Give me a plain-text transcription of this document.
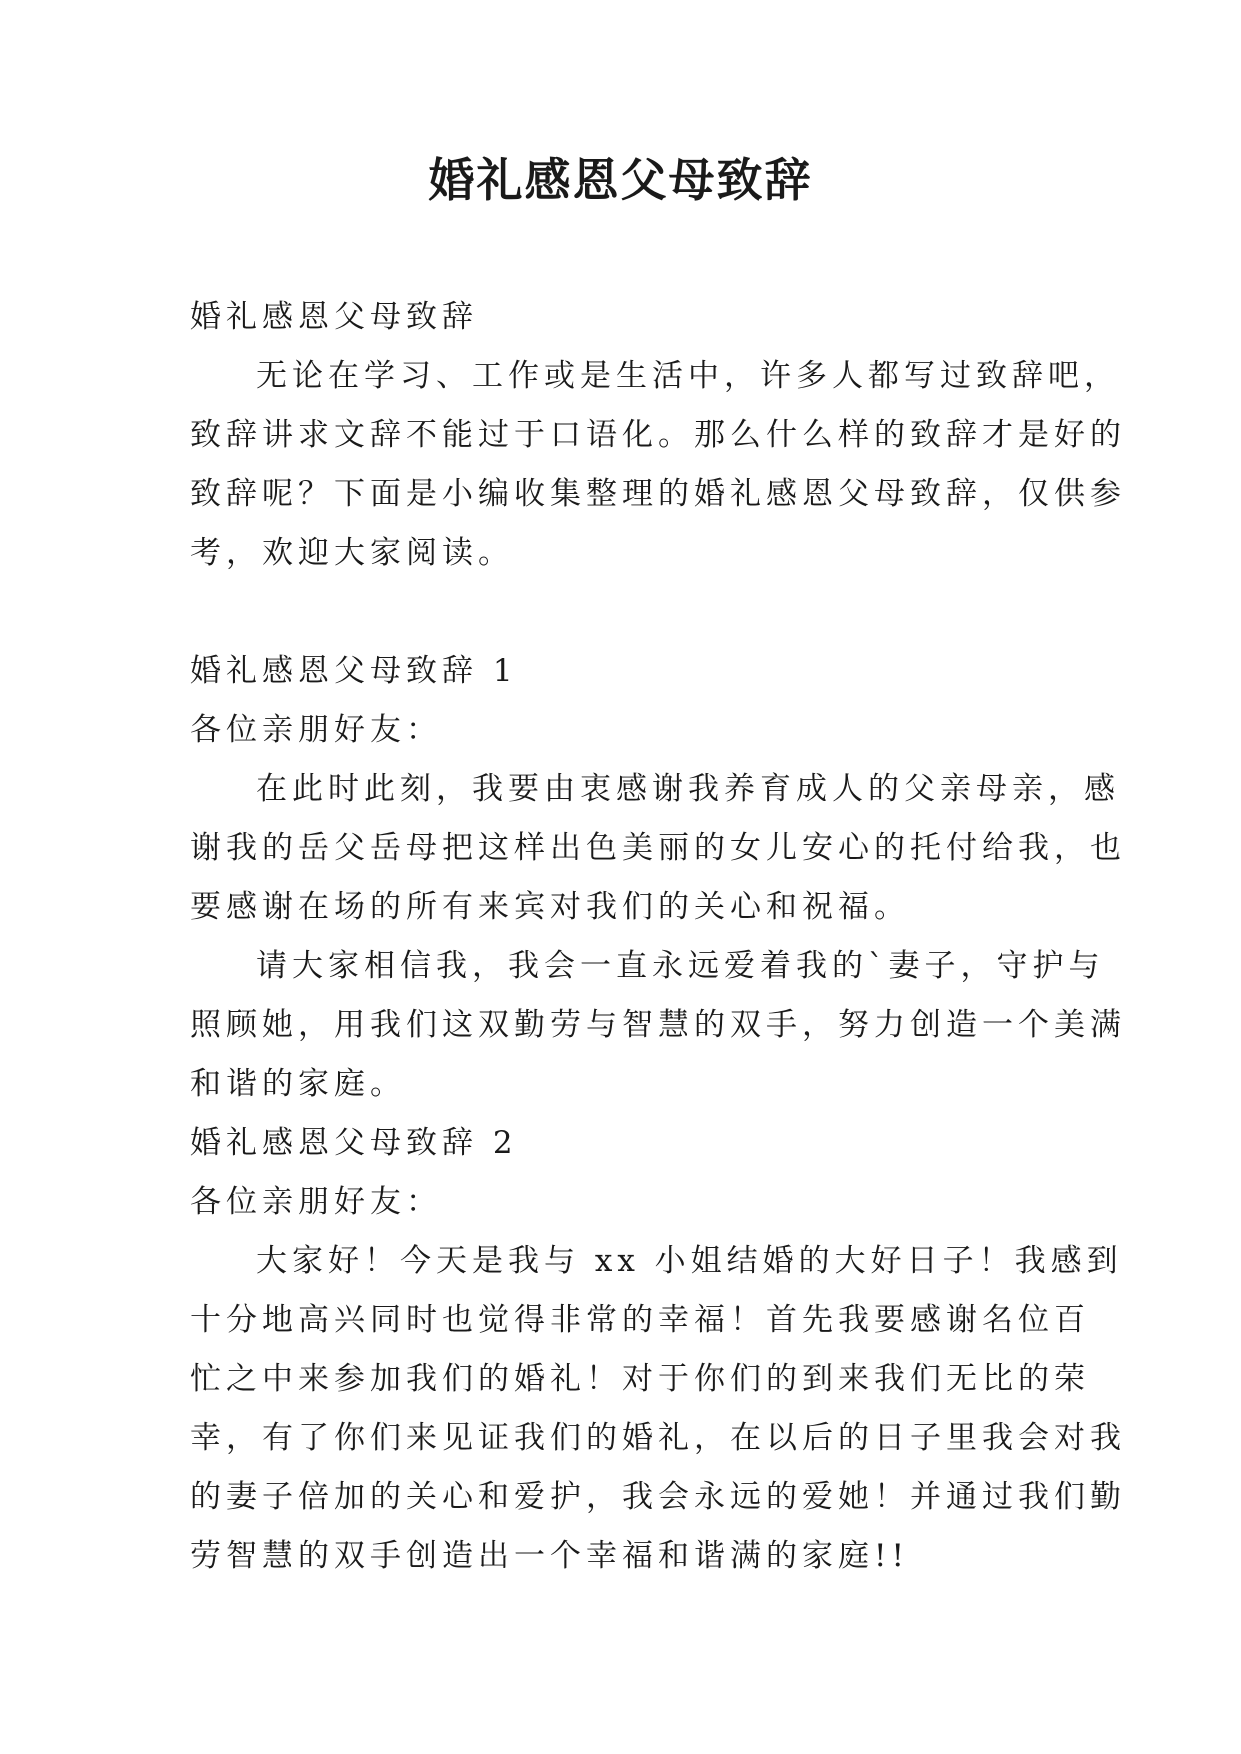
婚礼感恩父母致辞
婚礼感恩父母致辞
无论在学习、工作或是生活中，许多人都写过致辞吧，
致辞讲求文辞不能过于口语化。那么什么样的致辞才是好的
致辞呢？下面是小编收集整理的婚礼感恩父母致辞，仅供参
考，欢迎大家阅读。
婚礼感恩父母致辞 1
各位亲朋好友：
在此时此刻，我要由衷感谢我养育成人的父亲母亲，感
谢我的岳父岳母把这样出色美丽的女儿安心的托付给我，也
要感谢在场的所有来宾对我们的关心和祝福。
请大家相信我，我会一直永远爱着我的`妻子，守护与
照顾她，用我们这双勤劳与智慧的双手，努力创造一个美满
和谐的家庭。
婚礼感恩父母致辞 2
各位亲朋好友：
大家好！今天是我与 xx 小姐结婚的大好日子！我感到
十分地高兴同时也觉得非常的幸福！首先我要感谢名位百
忙之中来参加我们的婚礼！对于你们的到来我们无比的荣
幸，有了你们来见证我们的婚礼，在以后的日子里我会对我
的妻子倍加的关心和爱护，我会永远的爱她！并通过我们勤
劳智慧的双手创造出一个幸福和谐满的家庭!!
